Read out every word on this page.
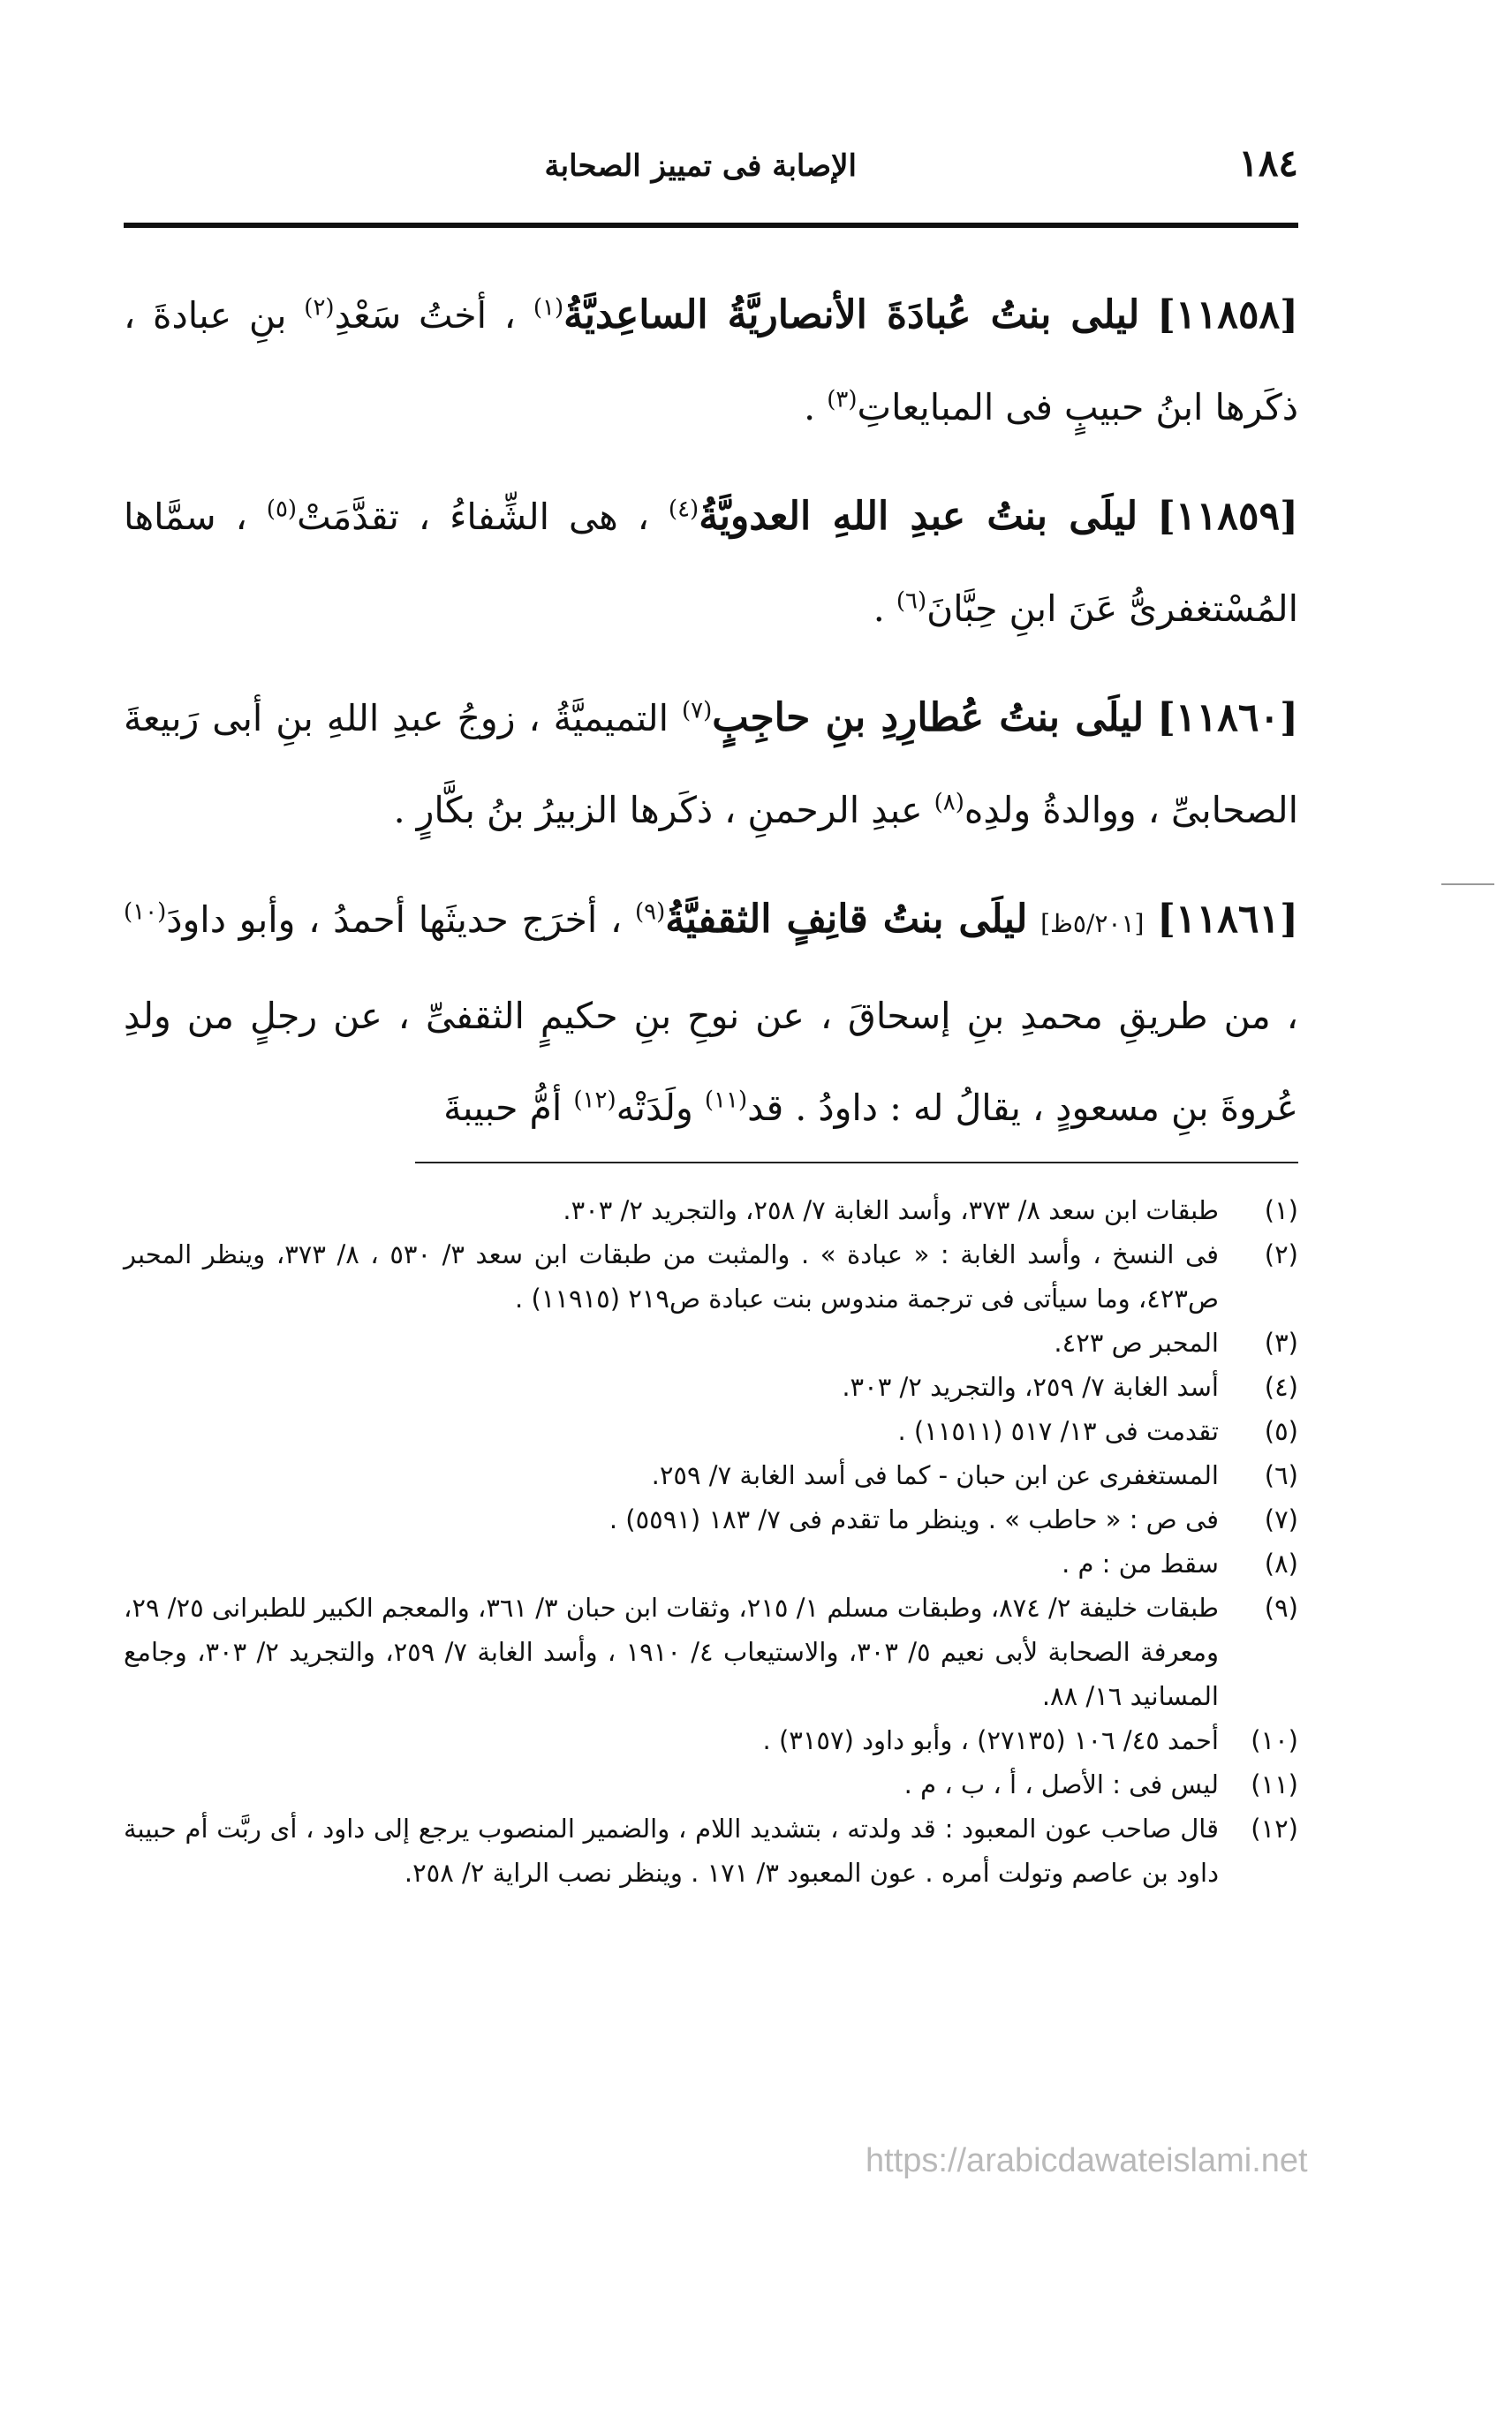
١٨٤
الإصابة فى تمييز الصحابة

[١١٨٥٨] ليلى بنتُ عُبادَةَ الأنصاريَّةُ الساعِديَّةُ$^{(١)}$ ، أختُ سَعْدِ$^{(٢)}$ بنِ عبادةَ ، ذكَرها ابنُ حبيبٍ فى المبايعاتِ$^{(٣)}$ .

[١١٨٥٩] ليلَى بنتُ عبدِ اللهِ العدويَّةُ$^{(٤)}$ ، هى الشِّفاءُ ، تقدَّمَتْ$^{(٥)}$ ، سمَّاها المُسْتغفرىُّ عَنَ ابنِ حِبَّانَ$^{(٦)}$ .

[١١٨٦٠] ليلَى بنتُ عُطارِدِ بنِ حاجِبٍ$^{(٧)}$ التميميَّةُ ، زوجُ عبدِ اللهِ بنِ أبى رَبيعةَ الصحابىِّ ، ووالدةُ ولدِه$^{(٨)}$ عبدِ الرحمنِ ، ذكَرها الزبيرُ بنُ بكَّارٍ .

[١١٨٦١] [٥/٢٠١ظ] ليلَى بنتُ قانِفٍ الثقفيَّةُ$^{(٩)}$ ، أخرَج حديثَها أحمدُ ، وأبو داودَ$^{(١٠)}$ ، من طريقِ محمدِ بنِ إسحاقَ ، عن نوحِ بنِ حكيمٍ الثقفىِّ ، عن رجلٍ من ولدِ عُروةَ بنِ مسعودٍ ، يقالُ له : داودُ . قد$^{(١١)}$ ولَدَتْه$^{(١٢)}$ أمُّ حبيبةَ

(١)
طبقات ابن سعد ٨/ ٣٧٣، وأسد الغابة ٧/ ٢٥٨، والتجريد ٢/ ٣٠٣.

(٢)
فى النسخ ، وأسد الغابة : « عبادة » . والمثبت من طبقات ابن سعد ٣/ ٥٣٠ ، ٨/ ٣٧٣، وينظر المحبر ص٤٢٣، وما سيأتى فى ترجمة مندوس بنت عبادة ص٢١٩ (١١٩١٥) .

(٣)
المحبر ص ٤٢٣.

(٤)
أسد الغابة ٧/ ٢٥٩، والتجريد ٢/ ٣٠٣.

(٥)
تقدمت فى ١٣/ ٥١٧ (١١٥١١) .

(٦)
المستغفرى عن ابن حبان - كما فى أسد الغابة ٧/ ٢٥٩.

(٧)
فى ص : « حاطب » . وينظر ما تقدم فى ٧/ ١٨٣ (٥٥٩١) .

(٨)
سقط من : م .

(٩)
طبقات خليفة ٢/ ٨٧٤، وطبقات مسلم ١/ ٢١٥، وثقات ابن حبان ٣/ ٣٦١، والمعجم الكبير للطبرانى ٢٥/ ٢٩، ومعرفة الصحابة لأبى نعيم ٥/ ٣٠٣، والاستيعاب ٤/ ١٩١٠ ، وأسد الغابة ٧/ ٢٥٩، والتجريد ٢/ ٣٠٣، وجامع المسانيد ١٦/ ٨٨.

(١٠)
أحمد ٤٥/ ١٠٦ (٢٧١٣٥) ، وأبو داود (٣١٥٧) .

(١١)
ليس فى : الأصل ، أ ، ب ، م .

(١٢)
قال صاحب عون المعبود : قد ولدته ، بتشديد اللام ، والضمير المنصوب يرجع إلى داود ، أى ربَّت أم حبيبة داود بن عاصم وتولت أمره . عون المعبود ٣/ ١٧١ . وينظر نصب الراية ٢/ ٢٥٨.

https://arabicdawateislami.net
